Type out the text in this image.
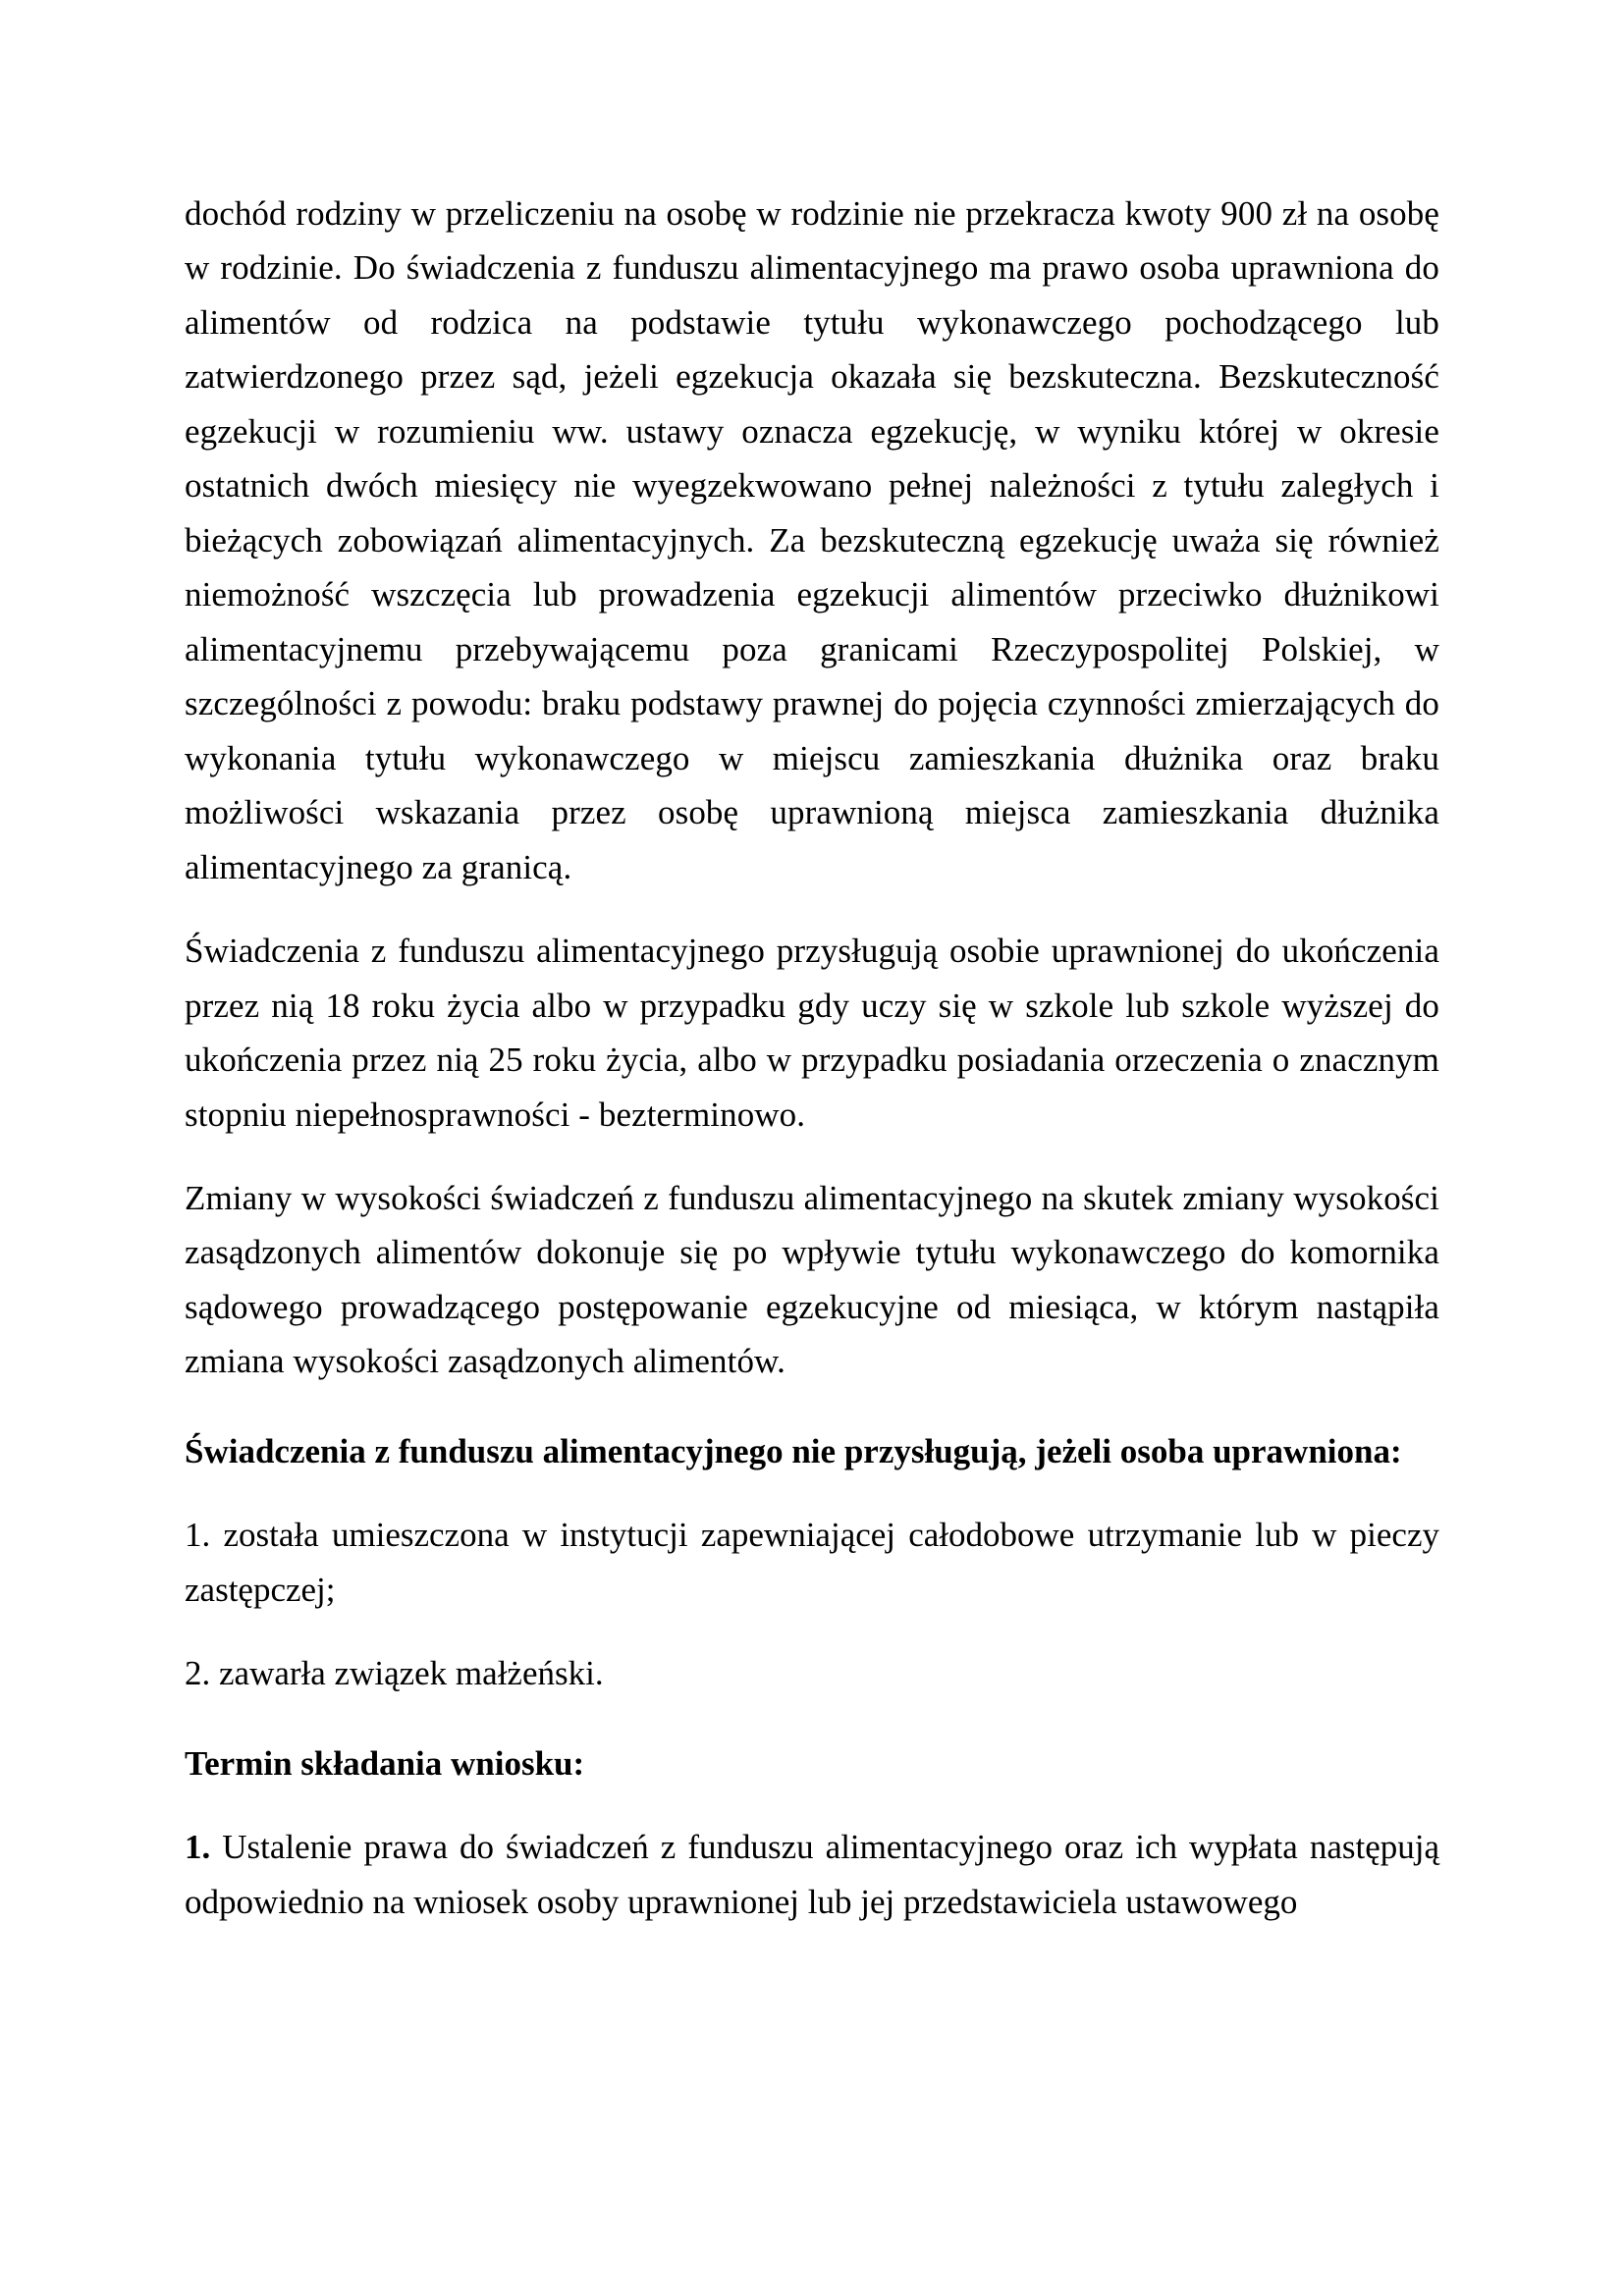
dochód rodziny w przeliczeniu na osobę w rodzinie nie przekracza kwoty 900 zł na osobę w rodzinie. Do świadczenia z funduszu alimentacyjnego ma prawo osoba uprawniona do alimentów od rodzica na podstawie tytułu wykonawczego pochodzącego lub zatwierdzonego przez sąd, jeżeli egzekucja okazała się bezskuteczna. Bezskuteczność egzekucji w rozumieniu ww. ustawy oznacza egzekucję, w wyniku której w okresie ostatnich dwóch miesięcy nie wyegzekwowano pełnej należności z tytułu zaległych i bieżących zobowiązań alimentacyjnych. Za bezskuteczną egzekucję uważa się również niemożność wszczęcia lub prowadzenia egzekucji alimentów przeciwko dłużnikowi alimentacyjnemu przebywającemu poza granicami Rzeczypospolitej Polskiej, w szczególności z powodu: braku podstawy prawnej do pojęcia czynności zmierzających do wykonania tytułu wykonawczego w miejscu zamieszkania dłużnika oraz braku możliwości wskazania przez osobę uprawnioną miejsca zamieszkania dłużnika alimentacyjnego za granicą.

Świadczenia z funduszu alimentacyjnego przysługują osobie uprawnionej do ukończenia przez nią 18 roku życia albo w przypadku gdy uczy się w szkole lub szkole wyższej do ukończenia przez nią 25 roku życia, albo w przypadku posiadania orzeczenia o znacznym stopniu niepełnosprawności - bezterminowo.

Zmiany w wysokości świadczeń z funduszu alimentacyjnego na skutek zmiany wysokości zasądzonych alimentów dokonuje się po wpływie tytułu wykonawczego do komornika sądowego prowadzącego postępowanie egzekucyjne od miesiąca, w którym nastąpiła zmiana wysokości zasądzonych alimentów.

Świadczenia z funduszu alimentacyjnego nie przysługują, jeżeli osoba uprawniona:

1. została umieszczona w instytucji zapewniającej całodobowe utrzymanie lub w pieczy zastępczej;

2. zawarła związek małżeński.

Termin składania wniosku:

1. Ustalenie prawa do świadczeń z funduszu alimentacyjnego oraz ich wypłata następują odpowiednio na wniosek osoby uprawnionej lub jej przedstawiciela ustawowego
